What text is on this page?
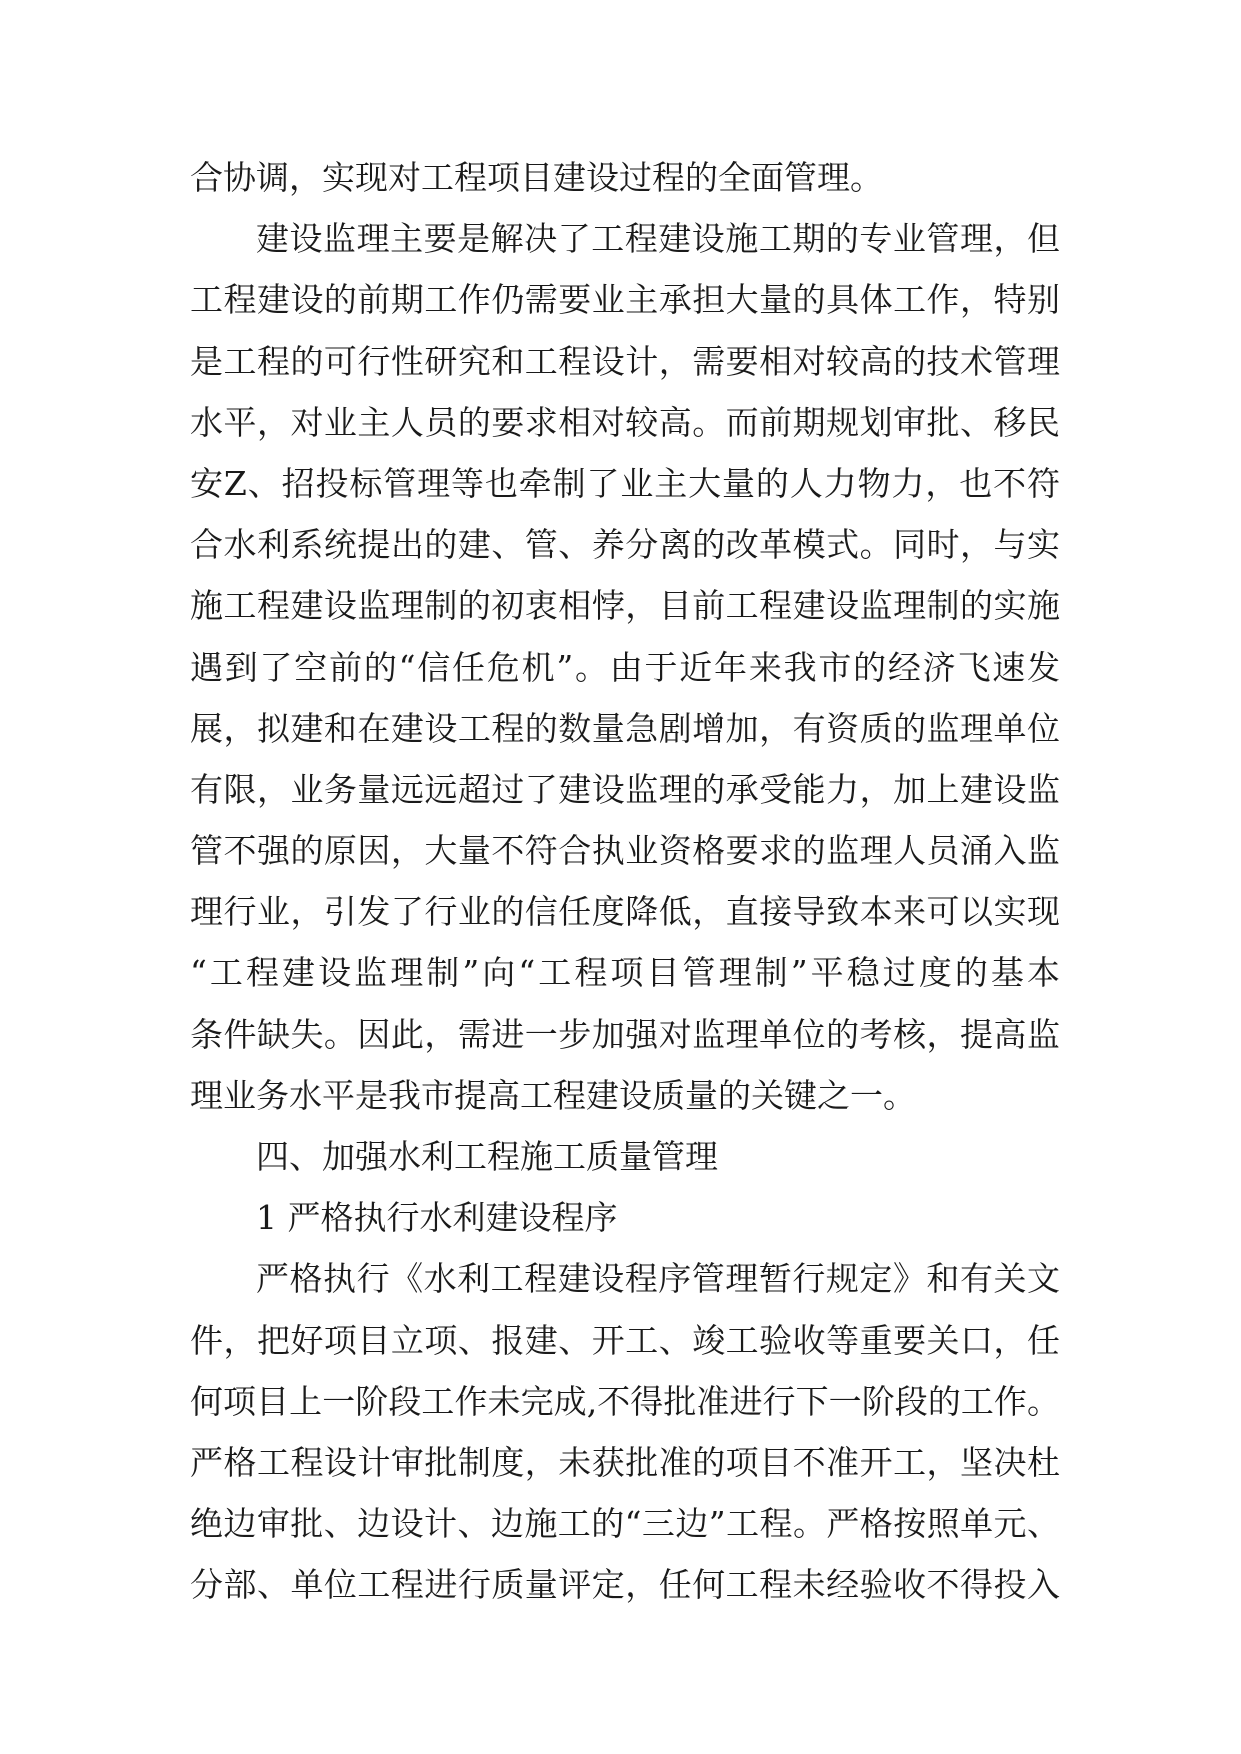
合协调，实现对工程项目建设过程的全面管理。
建设监理主要是解决了工程建设施工期的专业管理，但
工程建设的前期工作仍需要业主承担大量的具体工作，特别
是工程的可行性研究和工程设计，需要相对较高的技术管理
水平，对业主人员的要求相对较高。而前期规划审批、移民
安Z、招投标管理等也牵制了业主大量的人力物力，也不符
合水利系统提出的建、管、养分离的改革模式。同时，与实
施工程建设监理制的初衷相悖，目前工程建设监理制的实施
遇到了空前的“信任危机”。由于近年来我市的经济飞速发
展，拟建和在建设工程的数量急剧增加，有资质的监理单位
有限，业务量远远超过了建设监理的承受能力，加上建设监
管不强的原因，大量不符合执业资格要求的监理人员涌入监
理行业，引发了行业的信任度降低，直接导致本来可以实现
“工程建设监理制”向“工程项目管理制”平稳过度的基本
条件缺失。因此，需进一步加强对监理单位的考核，提高监
理业务水平是我市提高工程建设质量的关键之一。
四、加强水利工程施工质量管理
1 严格执行水利建设程序
严格执行《水利工程建设程序管理暂行规定》和有关文
件，把好项目立项、报建、开工、竣工验收等重要关口，任
何项目上一阶段工作未完成,不得批准进行下一阶段的工作。
严格工程设计审批制度，未获批准的项目不准开工，坚决杜
绝边审批、边设计、边施工的“三边”工程。严格按照单元、
分部、单位工程进行质量评定，任何工程未经验收不得投入
